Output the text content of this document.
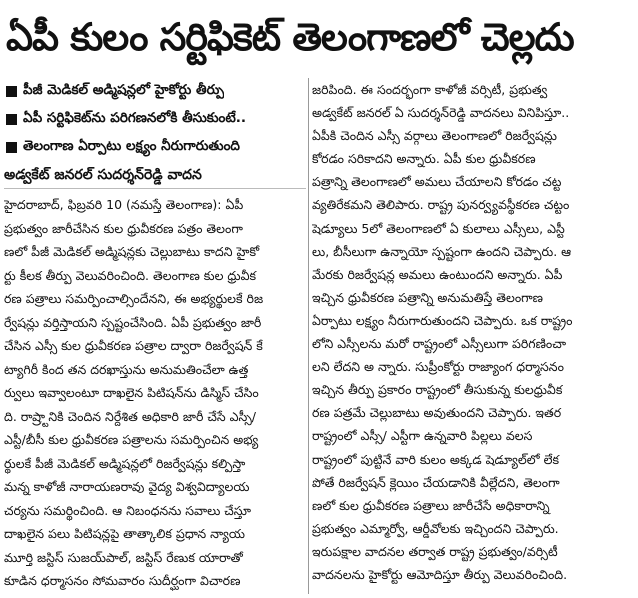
ఏపీ కులం సర్టిఫికెట్ తెలంగాణలో చెల్లదు
పీజీ మెడికల్ అడ్మిషన్లలో హైకోర్టు తీర్పు
ఏపీ సర్టిఫికెట్‌ను పరిగణనలోకి తీసుకుంటే..
తెలంగాణ ఏర్పాటు లక్ష్యం నీరుగారుతుంది
అడ్వకేట్ జనరల్ సుదర్శన్‌రెడ్డి వాదన
హైదరాబాద్, ఫిబ్రవరి 10 (నమస్తే తెలంగాణ): ఏపీ
ప్రభుత్వం జారీచేసిన కుల ధ్రువీకరణ పత్రం తెలంగా
ణలో పీజీ మెడికల్ అడ్మిషన్లకు చెల్లుబాటు కాదని హైకో
ర్టు కీలక తీర్పు వెలువరించింది. తెలంగాణ కుల ధ్రువీక
రణ పత్రాలు సమర్పించాల్సిందేనని, ఈ అభ్యర్థులకే రిజ
ర్వేషన్లు వర్తిస్తాయని స్పష్టంచేసింది. ఏపీ ప్రభుత్వం జారీ
చేసిన ఎస్సీ కుల ధ్రువీకరణ పత్రాల ద్వారా రిజర్వేషన్ కే
ట్యాగిరీ కింద తన దరఖాస్తును అనుమతించేలా ఉత్త
ర్వులు ఇవ్వాలంటూ దాఖలైన పిటిషన్‌ను డిస్మిస్ చేసిం
ది. రాష్ర్టానికి చెందిన నిర్దేశిత అధికారి జారీ చేసే ఎస్సీ/
ఎస్టీ/బీసీ కుల ధ్రువీకరణ పత్రాలను సమర్పించిన అభ్య
ర్థులకే పీజీ మెడికల్ అడ్మిషన్లలో రిజర్వేషన్లు కల్పిస్తా
మన్న కాళోజీ నారాయణరావు వైద్య విశ్వవిద్యాలయ
చర్యను సమర్థించింది. ఆ నిబంధనను సవాలు చేస్తూ
దాఖలైన పలు పిటిషన్లపై తాత్కాలిక ప్రధాన న్యాయ
మూర్తి జస్టిస్ సుజయ్‌పాల్, జస్టిస్ రేణుక యారాతో
కూడిన ధర్మాసనం సోమవారం సుదీర్ఘంగా విచారణ
జరిపింది. ఈ సందర్భంగా కాళోజీ వర్సిటీ, ప్రభుత్వ
అడ్వకేట్ జనరల్ ఏ సుదర్శన్‌రెడ్డి వాదనలు వినిపిస్తూ..
ఏపీకి చెందిన ఎస్సీ వర్గాలు తెలంగాణలో రిజర్వేషన్లు
కోరడం సరికాదని అన్నారు. ఏపీ కుల ధ్రువీకరణ
పత్రాన్ని తెలంగాణలో అమలు చేయాలని కోరడం చట్ట
వ్యతిరేకమని తెలిపారు. రాష్ట్ర పునర్వ్యవస్థీకరణ చట్టం
షెడ్యూలు 5లో తెలంగాణలో ఏ కులాలు ఎస్సీలు, ఎస్టీ
లు, బీసీలుగా ఉన్నాయో స్పష్టంగా ఉందని చెప్పారు. ఆ
మేరకు రిజర్వేషన్ల అమలు ఉంటుందని అన్నారు. ఏపీ
ఇచ్చిన ధ్రువీకరణ పత్రాన్ని అనుమతిస్తే తెలంగాణ
ఏర్పాటు లక్ష్యం నీరుగారుతుందని చెప్పారు. ఒక రాష్ట్రం
లోని ఎస్సీలను మరో రాష్ట్రంలో ఎస్సీలుగా పరిగణించా
లని లేదని అ న్నారు. సుప్రీంకోర్టు రాజ్యాంగ ధర్మాసనం
ఇచ్చిన తీర్పు ప్రకారం రాష్ట్రంలో తీసుకున్న కులధ్రువీక
రణ పత్రమే చెల్లుబాటు అవుతుందని చెప్పారు. ఇతర
రాష్ట్రంలో ఎస్సీ/ ఎస్టీగా ఉన్నవారి పిల్లలు వలస
రాష్ట్రంలో పుట్టినే వారి కులం అక్కడ షెడ్యూల్‌లో లేక
పోతే రిజర్వేషన్ క్లెయిం చేయడానికి వీల్లేదని, తెలంగా
ణలో కుల ధ్రువీకరణ పత్రాలు జారీచేసే అధికారాన్ని
ప్రభుత్వం ఎమ్మార్వో, ఆర్డీవోలకు ఇచ్చిందని చెప్పారు.
ఇరుపక్షాల వాదనల తర్వాత రాష్ట్ర ప్రభుత్వం/వర్సిటీ
వాదనలను హైకోర్టు ఆమోదిస్తూ తీర్పు వెలువరించింది.
